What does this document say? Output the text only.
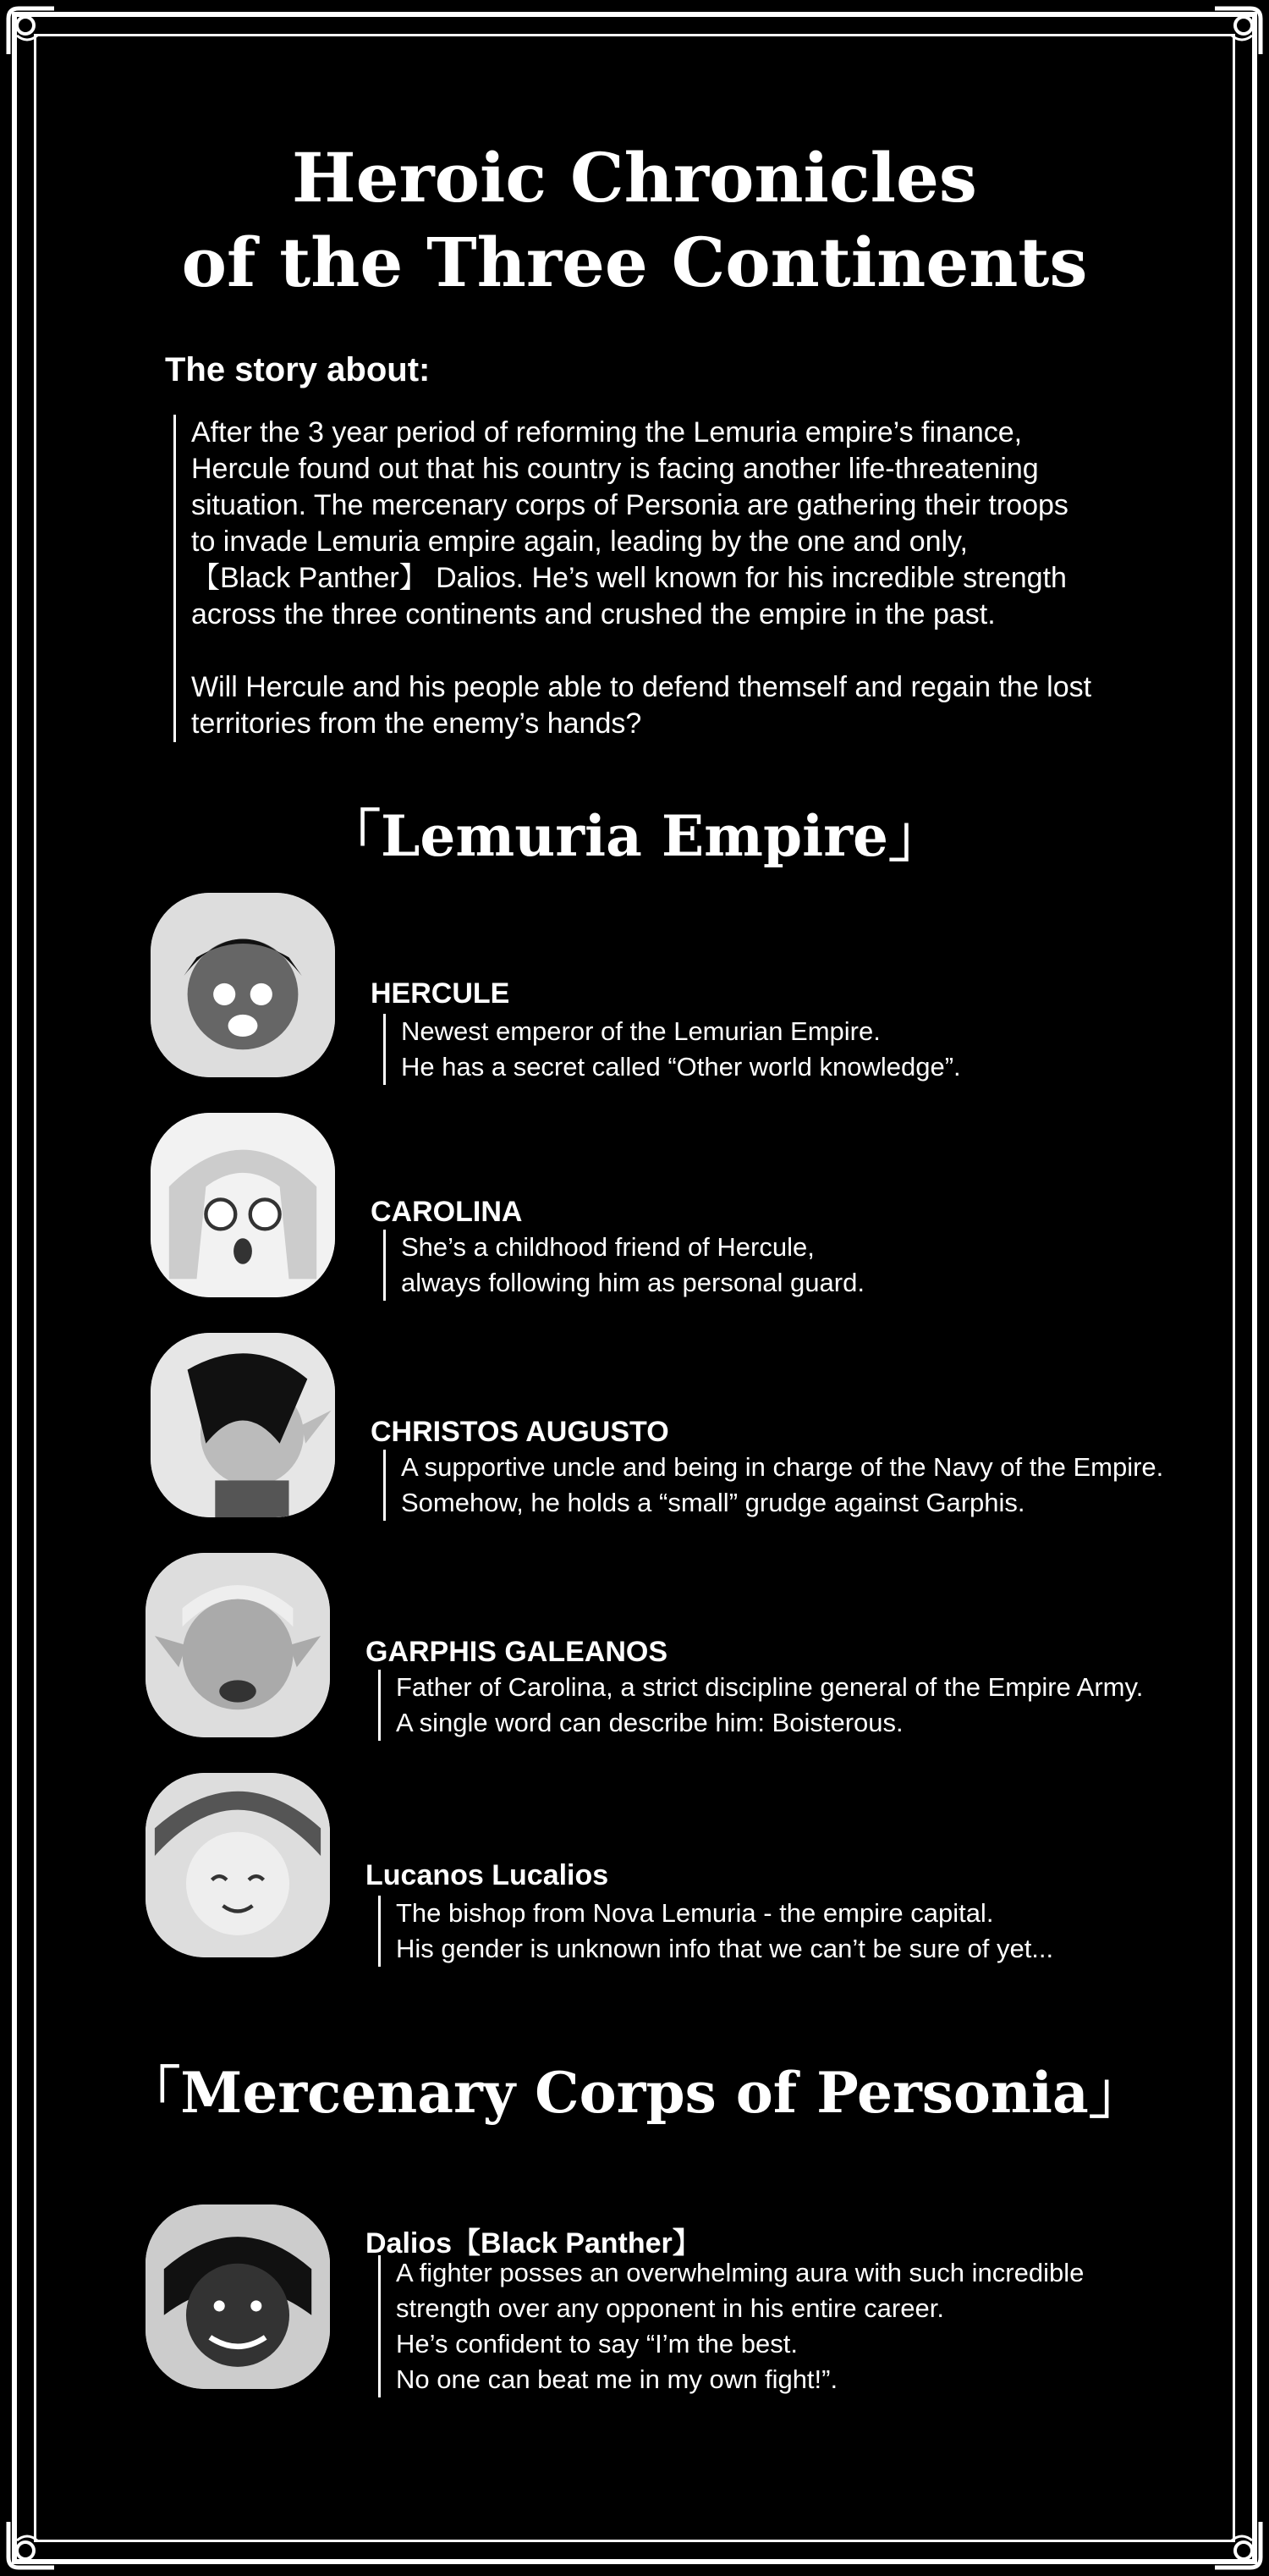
Heroic Chronicles
of the Three Continents
The story about:

After the 3 year period of reforming the Lemuria empire’s finance,
Hercule found out that his country is facing another life-threatening
situation. The mercenary corps of Personia are gathering their troops
to invade Lemuria empire again, leading by the one and only,
【Black Panther】 Dalios. He’s well known for his incredible strength
across the three continents and crushed the empire in the past.

Will Hercule and his people able to defend themself and regain the lost
territories from the enemy’s hands?

「Lemuria Empire」
HERCULE
Newest emperor of the Lemurian Empire.
He has a secret called “Other world knowledge”.
CAROLINA
She’s a childhood friend of Hercule,
always following him as personal guard.
CHRISTOS AUGUSTO
A supportive uncle and being in charge of the Navy of the Empire.
Somehow, he holds a “small” grudge against Garphis.
GARPHIS GALEANOS
Father of Carolina, a strict discipline general of the Empire Army.
A single word can describe him: Boisterous.
Lucanos Lucalios
The bishop from Nova Lemuria - the empire capital.
His gender is unknown info that we can’t be sure of yet...
「Mercenary Corps of Personia」
Dalios【Black Panther】
A fighter posses an overwhelming aura with such incredible
strength over any opponent in his entire career.
He’s confident to say “I’m the best.
No one can beat me in my own fight!”.
